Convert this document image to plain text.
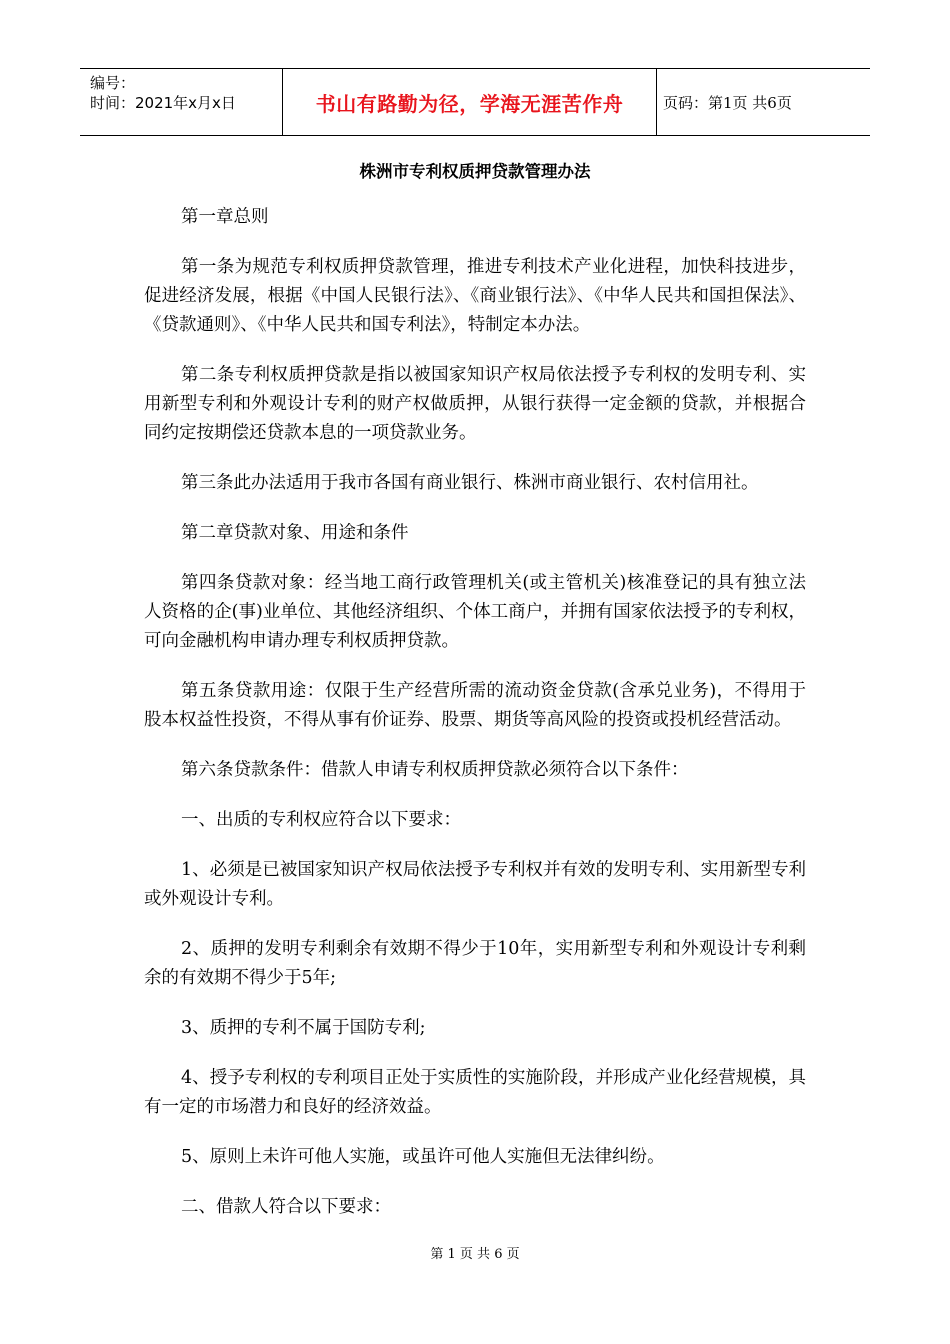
编号：
时间：2021年x月x日	书山有路勤为径，学海无涯苦作舟	页码：第1页 共6页
株洲市专利权质押贷款管理办法

第一章总则

第一条为规范专利权质押贷款管理，推进专利技术产业化进程，加快科技进步，促进经济发展，根据《中国人民银行法》、《商业银行法》、《中华人民共和国担保法》、《贷款通则》、《中华人民共和国专利法》，特制定本办法。

第二条专利权质押贷款是指以被国家知识产权局依法授予专利权的发明专利、实用新型专利和外观设计专利的财产权做质押，从银行获得一定金额的贷款，并根据合同约定按期偿还贷款本息的一项贷款业务。

第三条此办法适用于我市各国有商业银行、株洲市商业银行、农村信用社。

第二章贷款对象、用途和条件

第四条贷款对象：经当地工商行政管理机关(或主管机关)核准登记的具有独立法人资格的企(事)业单位、其他经济组织、个体工商户，并拥有国家依法授予的专利权，可向金融机构申请办理专利权质押贷款。

第五条贷款用途：仅限于生产经营所需的流动资金贷款(含承兑业务)，不得用于股本权益性投资，不得从事有价证券、股票、期货等高风险的投资或投机经营活动。

第六条贷款条件：借款人申请专利权质押贷款必须符合以下条件：

一、出质的专利权应符合以下要求：

1、必须是已被国家知识产权局依法授予专利权并有效的发明专利、实用新型专利或外观设计专利。

2、质押的发明专利剩余有效期不得少于10年，实用新型专利和外观设计专利剩余的有效期不得少于5年;

3、质押的专利不属于国防专利;

4、授予专利权的专利项目正处于实质性的实施阶段，并形成产业化经营规模，具有一定的市场潜力和良好的经济效益。

5、原则上未许可他人实施，或虽许可他人实施但无法律纠纷。

二、借款人符合以下要求：

第 1 页 共 6 页
